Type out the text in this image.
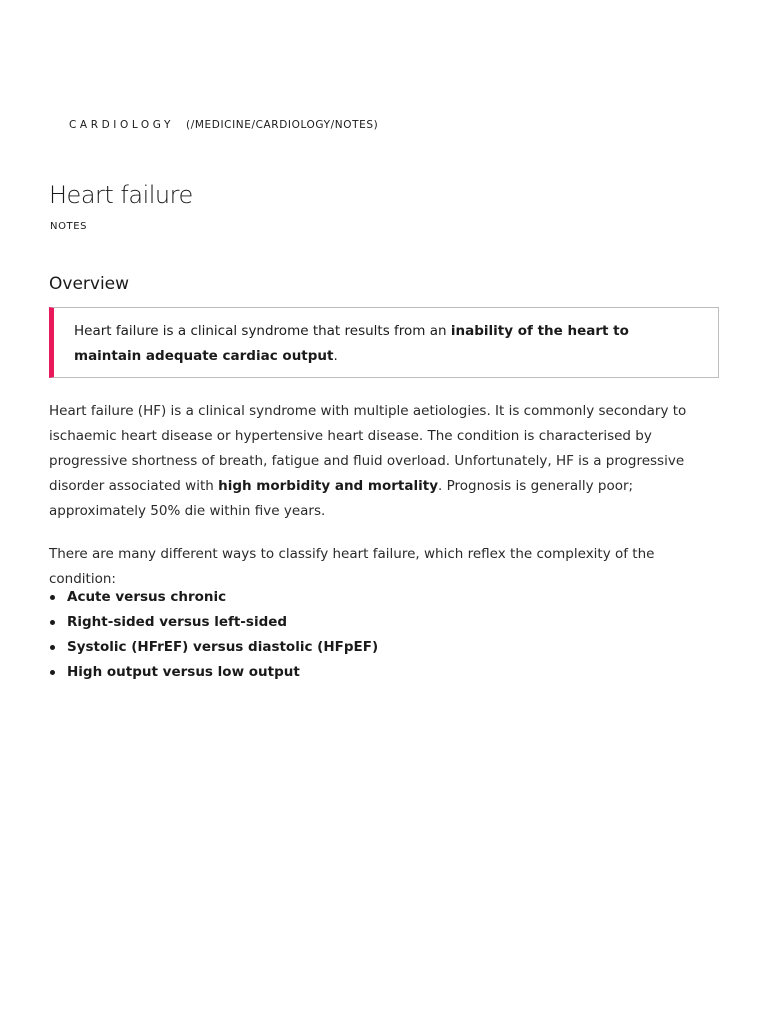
CARDIOLOGY (/MEDICINE/CARDIOLOGY/NOTES)
Heart failure
NOTES
Overview

Heart failure is a clinical syndrome that results from an inability of the heart to maintain adequate cardiac output.

Heart failure (HF) is a clinical syndrome with multiple aetiologies. It is commonly secondary to ischaemic heart disease or hypertensive heart disease. The condition is characterised by progressive shortness of breath, fatigue and fluid overload. Unfortunately, HF is a progressive disorder associated with high morbidity and mortality. Prognosis is generally poor; approximately 50% die within five years.

There are many different ways to classify heart failure, which reflex the complexity of the condition:

Acute versus chronic
Right-sided versus left-sided
Systolic (HFrEF) versus diastolic (HFpEF)
High output versus low output
